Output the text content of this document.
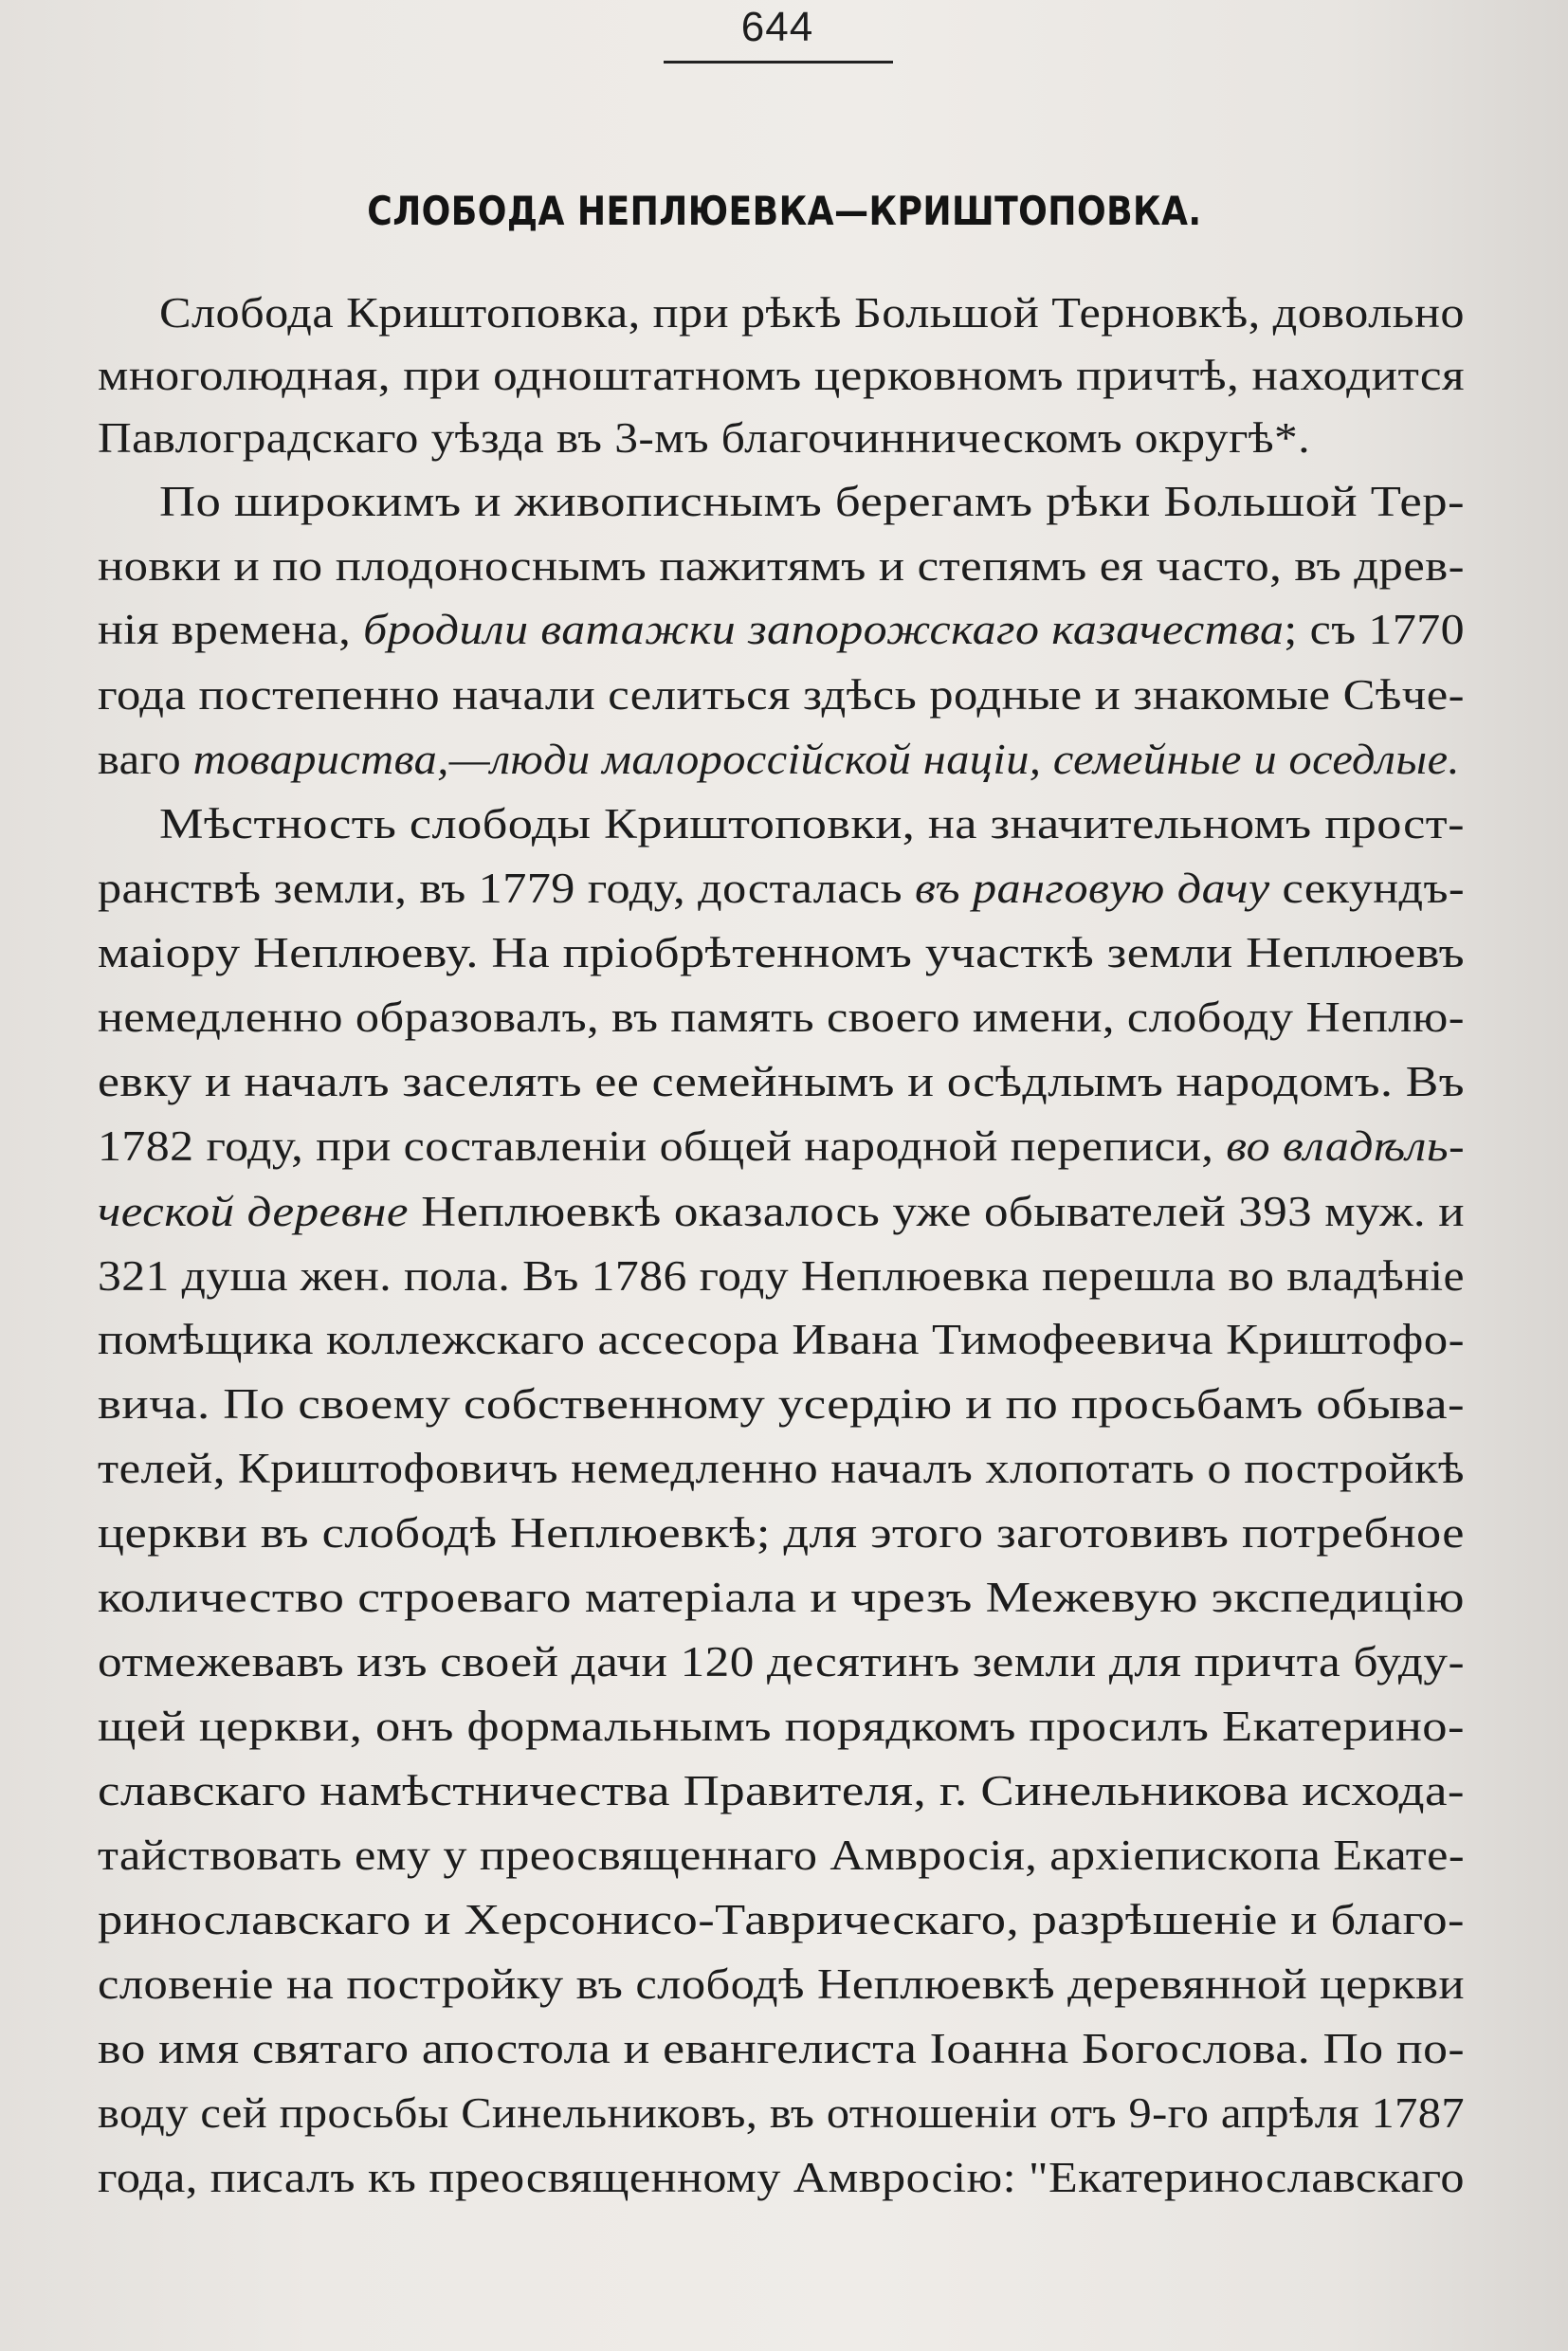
644
СЛОБОДА НЕПЛЮЕВКА—КРИШТОПОВКА.
Слобода Криштоповка, при рѣкѣ Большой Терновкѣ, довольно
многолюдная, при одноштатномъ церковномъ причтѣ, находится
Павлоградскаго уѣзда въ 3-мъ благочинническомъ округѣ*.
По широкимъ и живописнымъ берегамъ рѣки Большой Тер-
новки и по плодоноснымъ пажитямъ и степямъ ея часто, въ древ-
нія времена, бродили ватажки запорожскаго казачества; съ 1770
года постепенно начали селиться здѣсь родные и знакомые Сѣче-
ваго товариства,—люди малороссійской націи, семейные и оседлые.
Мѣстность слободы Криштоповки, на значительномъ прост-
ранствѣ земли, въ 1779 году, досталась въ ранговую дачу секундъ-
маіору Неплюеву. На пріобрѣтенномъ участкѣ земли Неплюевъ
немедленно образовалъ, въ память своего имени, слободу Неплю-
евку и началъ заселять ее семейнымъ и осѣдлымъ народомъ. Въ
1782 году, при составленіи общей народной переписи, во владѣль-
ческой деревне Неплюевкѣ оказалось уже обывателей 393 муж. и
321 душа жен. пола. Въ 1786 году Неплюевка перешла во владѣніе
помѣщика коллежскаго ассесора Ивана Тимофеевича Криштофо-
вича. По своему собственному усердію и по просьбамъ обыва-
телей, Криштофовичъ немедленно началъ хлопотать о постройкѣ
церкви въ слободѣ Неплюевкѣ; для этого заготовивъ потребное
количество строеваго матеріала и чрезъ Межевую экспедицію
отмежевавъ изъ своей дачи 120 десятинъ земли для причта буду-
щей церкви, онъ формальнымъ порядкомъ просилъ Екатерино-
славскаго намѣстничества Правителя, г. Синельникова исхода-
тайствовать ему у преосвященнаго Амвросія, архіепископа Екате-
ринославскаго и Херсонисо-Таврическаго, разрѣшеніе и благо-
словеніе на постройку въ слободѣ Неплюевкѣ деревянной церкви
во имя святаго апостола и евангелиста Іоанна Богослова. По по-
воду сей просьбы Синельниковъ, въ отношеніи отъ 9-го апрѣля 1787
года, писалъ къ преосвященному Амвросію: "Екатеринославскаго
